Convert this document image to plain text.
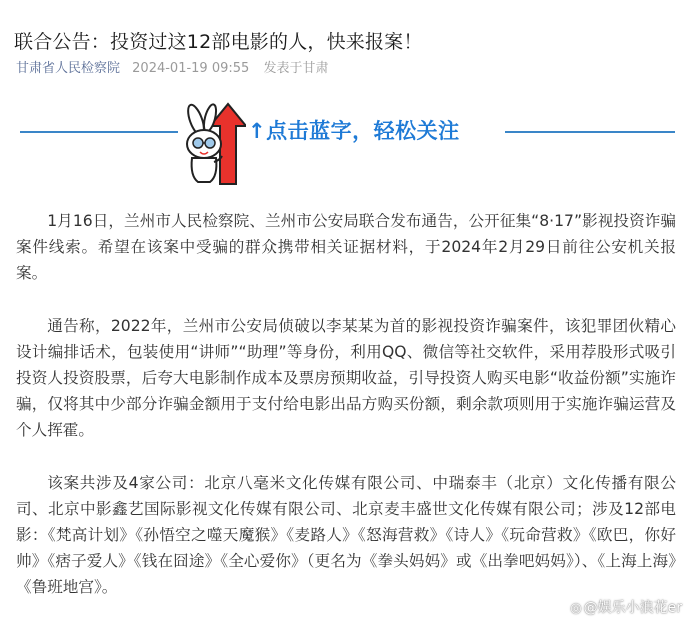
联合公告：投资过这12部电影的人，快来报案！
甘肃省人民检察院 2024-01-19 09:55 发表于甘肃
↑点击蓝字，轻松关注

1月16日，兰州市人民检察院、兰州市公安局联合发布通告，公开征集“8·17”影视投资诈骗案件线索。希望在该案中受骗的群众携带相关证据材料，于2024年2月29日前往公安机关报案。

通告称，2022年，兰州市公安局侦破以李某某为首的影视投资诈骗案件，该犯罪团伙精心设计编排话术，包装使用“讲师”“助理”等身份，利用QQ、微信等社交软件，采用荐股形式吸引投资人投资股票，后夸大电影制作成本及票房预期收益，引导投资人购买电影“收益份额”实施诈骗，仅将其中少部分诈骗金额用于支付给电影出品方购买份额，剩余款项则用于实施诈骗运营及个人挥霍。

该案共涉及4家公司：北京八毫米文化传媒有限公司、中瑞泰丰（北京）文化传播有限公司、北京中影鑫艺国际影视文化传媒有限公司、北京麦丰盛世文化传媒有限公司；涉及12部电影：《梵高计划》《孙悟空之噬天魔猴》《麦路人》《怒海营救》《诗人》《玩命营救》《欧巴，你好帅》《痞子爱人》《钱在囧途》《全心爱你》（更名为《拳头妈妈》或《出拳吧妈妈》）、《上海上海》《鲁班地宫》。

◎ @娱乐小浪花er
